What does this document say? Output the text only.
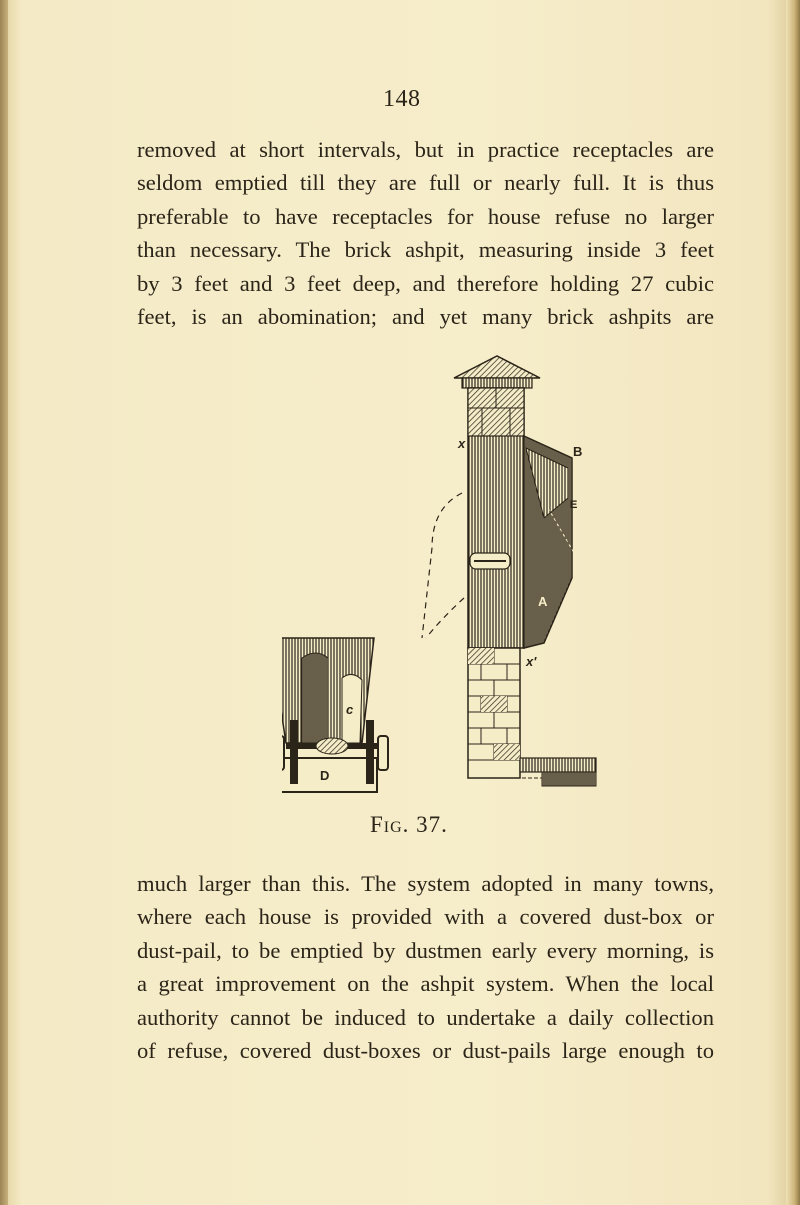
148
removed at short intervals, but in practice receptacles are
seldom emptied till they are full or nearly full. It is thus
preferable to have receptacles for house refuse no larger
than necessary. The brick ashpit, measuring inside 3 feet
by 3 feet and 3 feet deep, and therefore holding 27 cubic
feet, is an abomination; and yet many brick ashpits are
x
x'
B
A
c
D
E
Fig. 37.
much larger than this. The system adopted in many towns,
where each house is provided with a covered dust-box or
dust-pail, to be emptied by dustmen early every morning, is
a great improvement on the ashpit system. When the local
authority cannot be induced to undertake a daily collection
of refuse, covered dust-boxes or dust-pails large enough to
